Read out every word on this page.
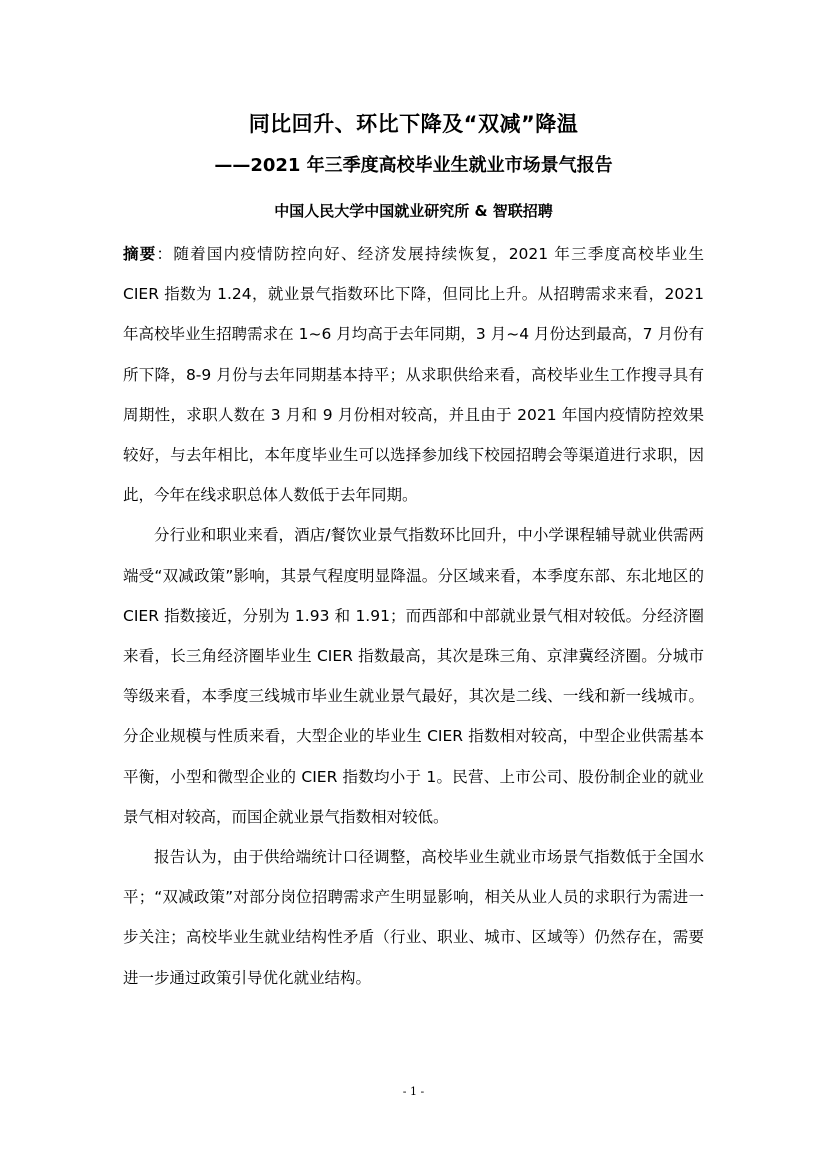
同比回升、环比下降及“双减”降温
——2021 年三季度高校毕业生就业市场景气报告
中国人民大学中国就业研究所 & 智联招聘

摘要：随着国内疫情防控向好、经济发展持续恢复，2021 年三季度高校毕业生 CIER 指数为 1.24，就业景气指数环比下降，但同比上升。从招聘需求来看，2021 年高校毕业生招聘需求在 1~6 月均高于去年同期，3 月~4 月份达到最高，7 月份有所下降，8-9 月份与去年同期基本持平；从求职供给来看，高校毕业生工作搜寻具有周期性，求职人数在 3 月和 9 月份相对较高，并且由于 2021 年国内疫情防控效果较好，与去年相比，本年度毕业生可以选择参加线下校园招聘会等渠道进行求职，因此，今年在线求职总体人数低于去年同期。

分行业和职业来看，酒店/餐饮业景气指数环比回升，中小学课程辅导就业供需两端受“双减政策”影响，其景气程度明显降温。分区域来看，本季度东部、东北地区的 CIER 指数接近，分别为 1.93 和 1.91；而西部和中部就业景气相对较低。分经济圈来看，长三角经济圈毕业生 CIER 指数最高，其次是珠三角、京津冀经济圈。分城市等级来看，本季度三线城市毕业生就业景气最好，其次是二线、一线和新一线城市。分企业规模与性质来看，大型企业的毕业生 CIER 指数相对较高，中型企业供需基本平衡，小型和微型企业的 CIER 指数均小于 1。民营、上市公司、股份制企业的就业景气相对较高，而国企就业景气指数相对较低。

报告认为，由于供给端统计口径调整，高校毕业生就业市场景气指数低于全国水平；“双减政策”对部分岗位招聘需求产生明显影响，相关从业人员的求职行为需进一步关注；高校毕业生就业结构性矛盾（行业、职业、城市、区域等）仍然存在，需要进一步通过政策引导优化就业结构。

- 1 -
